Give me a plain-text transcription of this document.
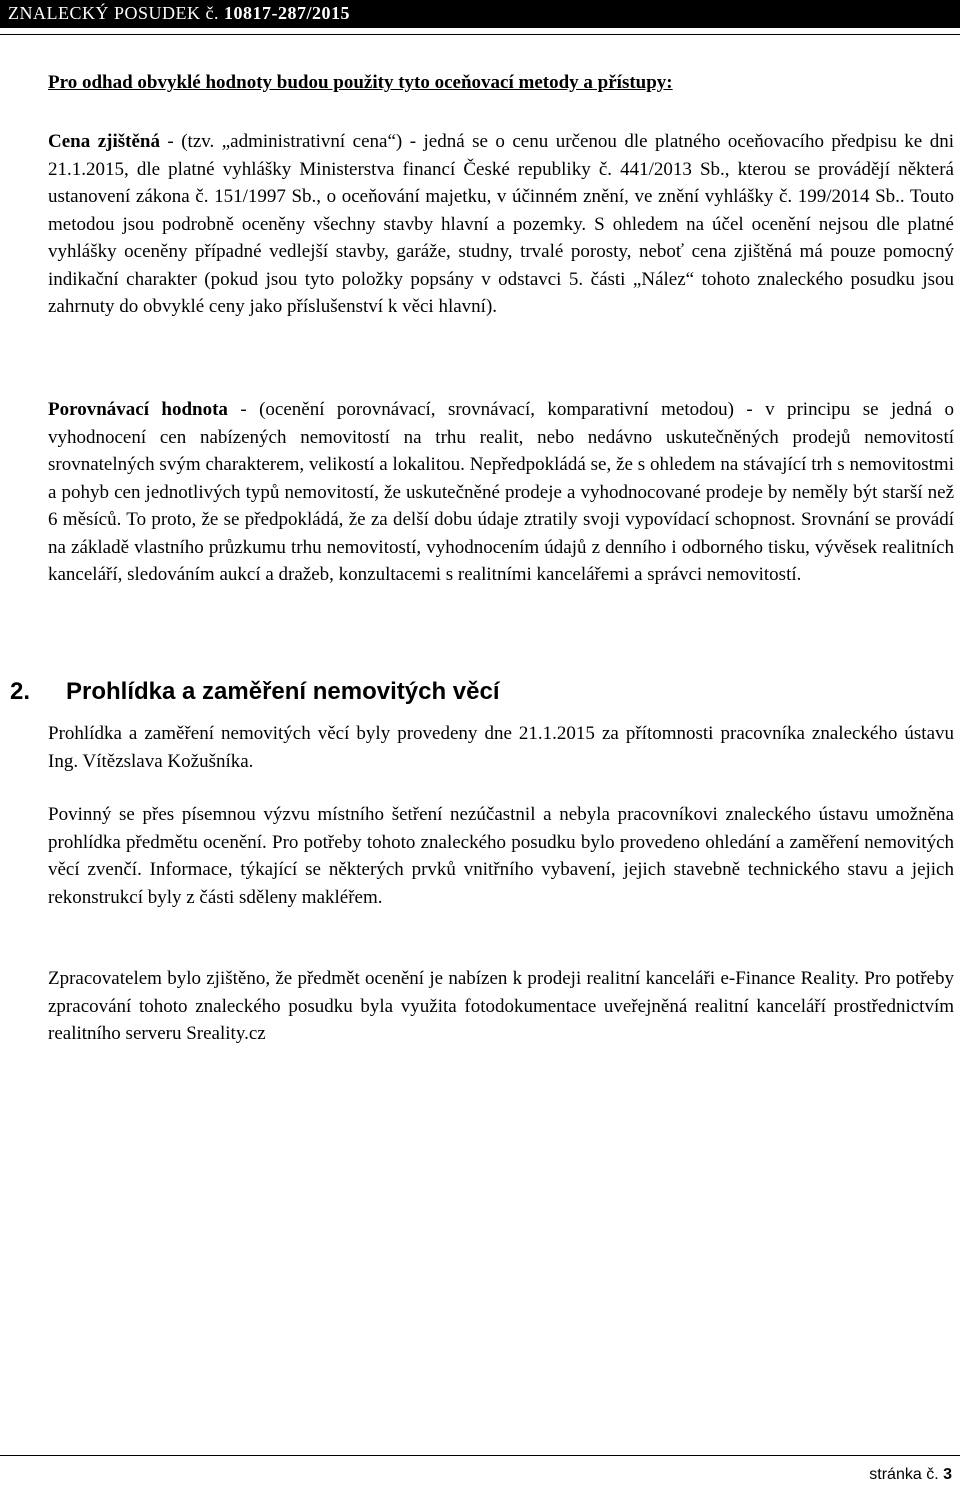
ZNALECKÝ POSUDEK č. 10817-287/2015
Pro odhad obvyklé hodnoty budou použity tyto oceňovací metody a přístupy:

Cena zjištěná - (tzv. „administrativní cena“) - jedná se o cenu určenou dle platného oceňovacího předpisu ke dni 21.1.2015, dle platné vyhlášky Ministerstva financí České republiky č. 441/2013 Sb., kterou se provádějí některá ustanovení zákona č. 151/1997 Sb., o oceňování majetku, v účinném znění, ve znění vyhlášky č. 199/2014 Sb.. Touto metodou jsou podrobně oceněny všechny stavby hlavní a pozemky. S ohledem na účel ocenění nejsou dle platné vyhlášky oceněny případné vedlejší stavby, garáže, studny, trvalé porosty, neboť cena zjištěná má pouze pomocný indikační charakter (pokud jsou tyto položky popsány v odstavci 5. části „Nález“ tohoto znaleckého posudku jsou zahrnuty do obvyklé ceny jako příslušenství k věci hlavní).

Porovnávací hodnota - (ocenění porovnávací, srovnávací, komparativní metodou) - v principu se jedná o vyhodnocení cen nabízených nemovitostí na trhu realit, nebo nedávno uskutečněných prodejů nemovitostí srovnatelných svým charakterem, velikostí a lokalitou. Nepředpokládá se, že s ohledem na stávající trh s nemovitostmi a pohyb cen jednotlivých typů nemovitostí, že uskutečněné prodeje a vyhodnocované prodeje by neměly být starší než 6 měsíců. To proto, že se předpokládá, že za delší dobu údaje ztratily svoji vypovídací schopnost. Srovnání se provádí na základě vlastního průzkumu trhu nemovitostí, vyhodnocením údajů z denního i odborného tisku, vývěsek realitních kanceláří, sledováním aukcí a dražeb, konzultacemi s realitními kancelářemi a správci nemovitostí.

2. Prohlídka a zaměření nemovitých věcí

Prohlídka a zaměření nemovitých věcí byly provedeny dne 21.1.2015 za přítomnosti pracovníka znaleckého ústavu Ing. Vítězslava Kožušníka.

Povinný se přes písemnou výzvu místního šetření nezúčastnil a nebyla pracovníkovi znaleckého ústavu umožněna prohlídka předmětu ocenění. Pro potřeby tohoto znaleckého posudku bylo provedeno ohledání a zaměření nemovitých věcí zvenčí. Informace, týkající se některých prvků vnitřního vybavení, jejich stavebně technického stavu a jejich rekonstrukcí byly z části sděleny makléřem.

Zpracovatelem bylo zjištěno, že předmět ocenění je nabízen k prodeji realitní kanceláři e-Finance Reality. Pro potřeby zpracování tohoto znaleckého posudku byla využita fotodokumentace uveřejněná realitní kanceláří prostřednictvím realitního serveru Sreality.cz

stránka č. 3
